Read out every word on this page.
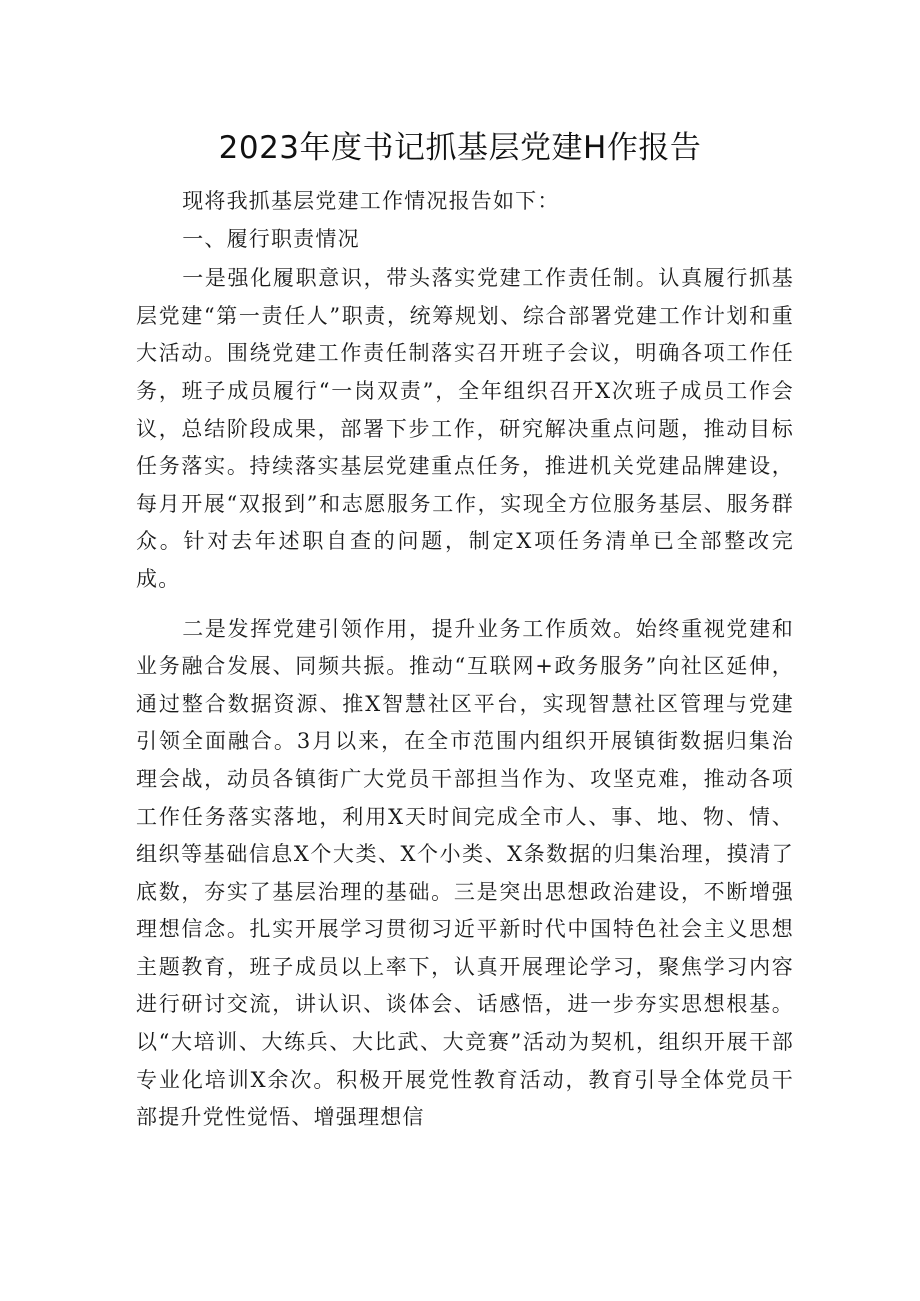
2023年度书记抓基层党建H作报告

现将我抓基层党建工作情况报告如下：

一、履行职责情况

一是强化履职意识，带头落实党建工作责任制。认真履行抓基层党建“第一责任人”职责，统筹规划、综合部署党建工作计划和重大活动。围绕党建工作责任制落实召开班子会议，明确各项工作任务，班子成员履行“一岗双责”，全年组织召开X次班子成员工作会议，总结阶段成果，部署下步工作，研究解决重点问题，推动目标任务落实。持续落实基层党建重点任务，推进机关党建品牌建设，每月开展“双报到”和志愿服务工作，实现全方位服务基层、服务群众。针对去年述职自查的问题，制定X项任务清单已全部整改完成。

二是发挥党建引领作用，提升业务工作质效。始终重视党建和业务融合发展、同频共振。推动“互联网+政务服务”向社区延伸，通过整合数据资源、推X智慧社区平台，实现智慧社区管理与党建引领全面融合。3月以来，在全市范围内组织开展镇街数据归集治理会战，动员各镇街广大党员干部担当作为、攻坚克难，推动各项工作任务落实落地，利用X天时间完成全市人、事、地、物、情、组织等基础信息X个大类、X个小类、X条数据的归集治理，摸清了底数，夯实了基层治理的基础。三是突出思想政治建设，不断增强理想信念。扎实开展学习贯彻习近平新时代中国特色社会主义思想主题教育，班子成员以上率下，认真开展理论学习，聚焦学习内容进行研讨交流，讲认识、谈体会、话感悟，进一步夯实思想根基。以“大培训、大练兵、大比武、大竞赛”活动为契机，组织开展干部专业化培训X余次。积极开展党性教育活动，教育引导全体党员干部提升党性觉悟、增强理想信
